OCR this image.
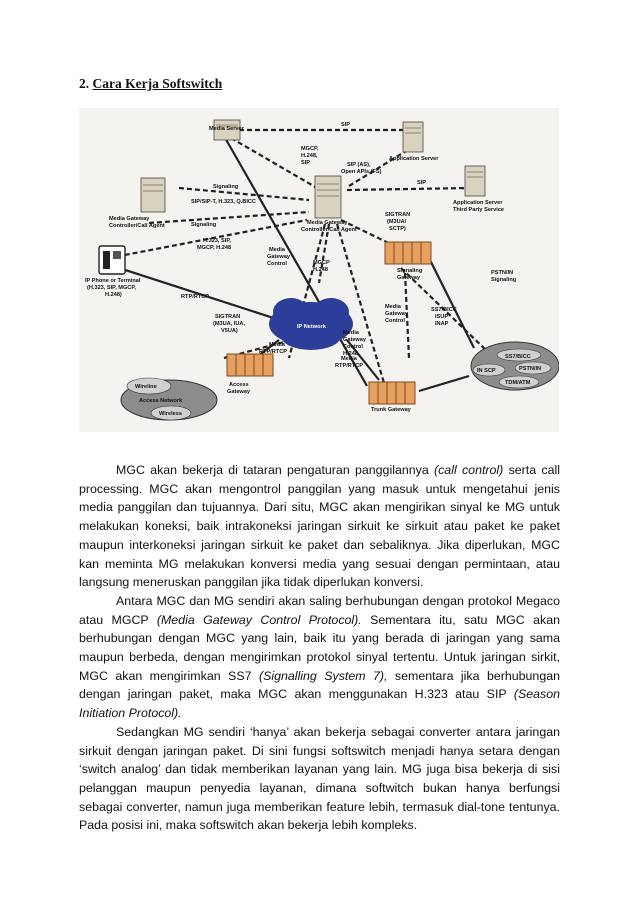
2. Cara Kerja Softswitch
Media Server
SIP
MGCP,
H.248,
SIP
Application Server
SIP (AS),
Open APIs (FS)
SIP
Application Server
Third Party Service
Signaling
SIP/SIP-T, H.323, Q.BICC
Media Gateway
Controller/Call Agent	Signaling	Media Gateway
Controller/Call Agent
SIGTRAN
(M3UA/
SCTP)
H.323, SIP,
MGCP, H.248	Media
Gateway
Control	MGCP
H.248	Signaling
Gateway
IP Phone or Terminal
(H.323, SIP, MGCP,
H.248)	RTP/RTCP
PSTN/IN
Signaling
Media
Gateway
Control
SS7/BICC
ISUP
INAP
SIGTRAN
(M3UA, IUA,
V5UA)
IP Network
Media
RTP/RTCP
Media
Gateway
Control
H.248
Media
RTP/RTCP
SS7/BICC
IN SCP	PSTN/IN
TDM/ATM
Access
Gateway
Wireline
Access Network
Wireless
Trunk Gateway

MGC akan bekerja di tataran pengaturan panggilannya (call control) serta call processing. MGC akan mengontrol panggilan yang masuk untuk mengetahui jenis media panggilan dan tujuannya. Dari situ, MGC akan mengirikan sinyal ke MG untuk melakukan koneksi, baik intrakoneksi jaringan sirkuit ke sirkuit atau paket ke paket maupun interkoneksi jaringan sirkuit ke paket dan sebaliknya. Jika diperlukan, MGC kan meminta MG melakukan konversi media yang sesuai dengan permintaan, atau langsung meneruskan panggilan jika tidak diperlukan konversi.

Antara MGC dan MG sendiri akan saling berhubungan dengan protokol Megaco atau MGCP (Media Gateway Control Protocol). Sementara itu, satu MGC akan berhubungan dengan MGC yang lain, baik itu yang berada di jaringan yang sama maupun berbeda, dengan mengirimkan protokol sinyal tertentu. Untuk jaringan sirkit, MGC akan mengirimkan SS7 (Signalling System 7), sementara jika berhubungan dengan jaringan paket, maka MGC akan menggunakan H.323 atau SIP (Season Initiation Protocol).

Sedangkan MG sendiri ‘hanya’ akan bekerja sebagai converter antara jaringan sirkuit dengan jaringan paket. Di sini fungsi softswitch menjadi hanya setara dengan ‘switch analog’ dan tidak memberikan layanan yang lain. MG juga bisa bekerja di sisi pelanggan maupun penyedia layanan, dimana softwitch bukan hanya berfungsi sebagai converter, namun juga memberikan feature lebih, termasuk dial-tone tentunya. Pada posisi ini, maka softswitch akan bekerja lebih kompleks.
